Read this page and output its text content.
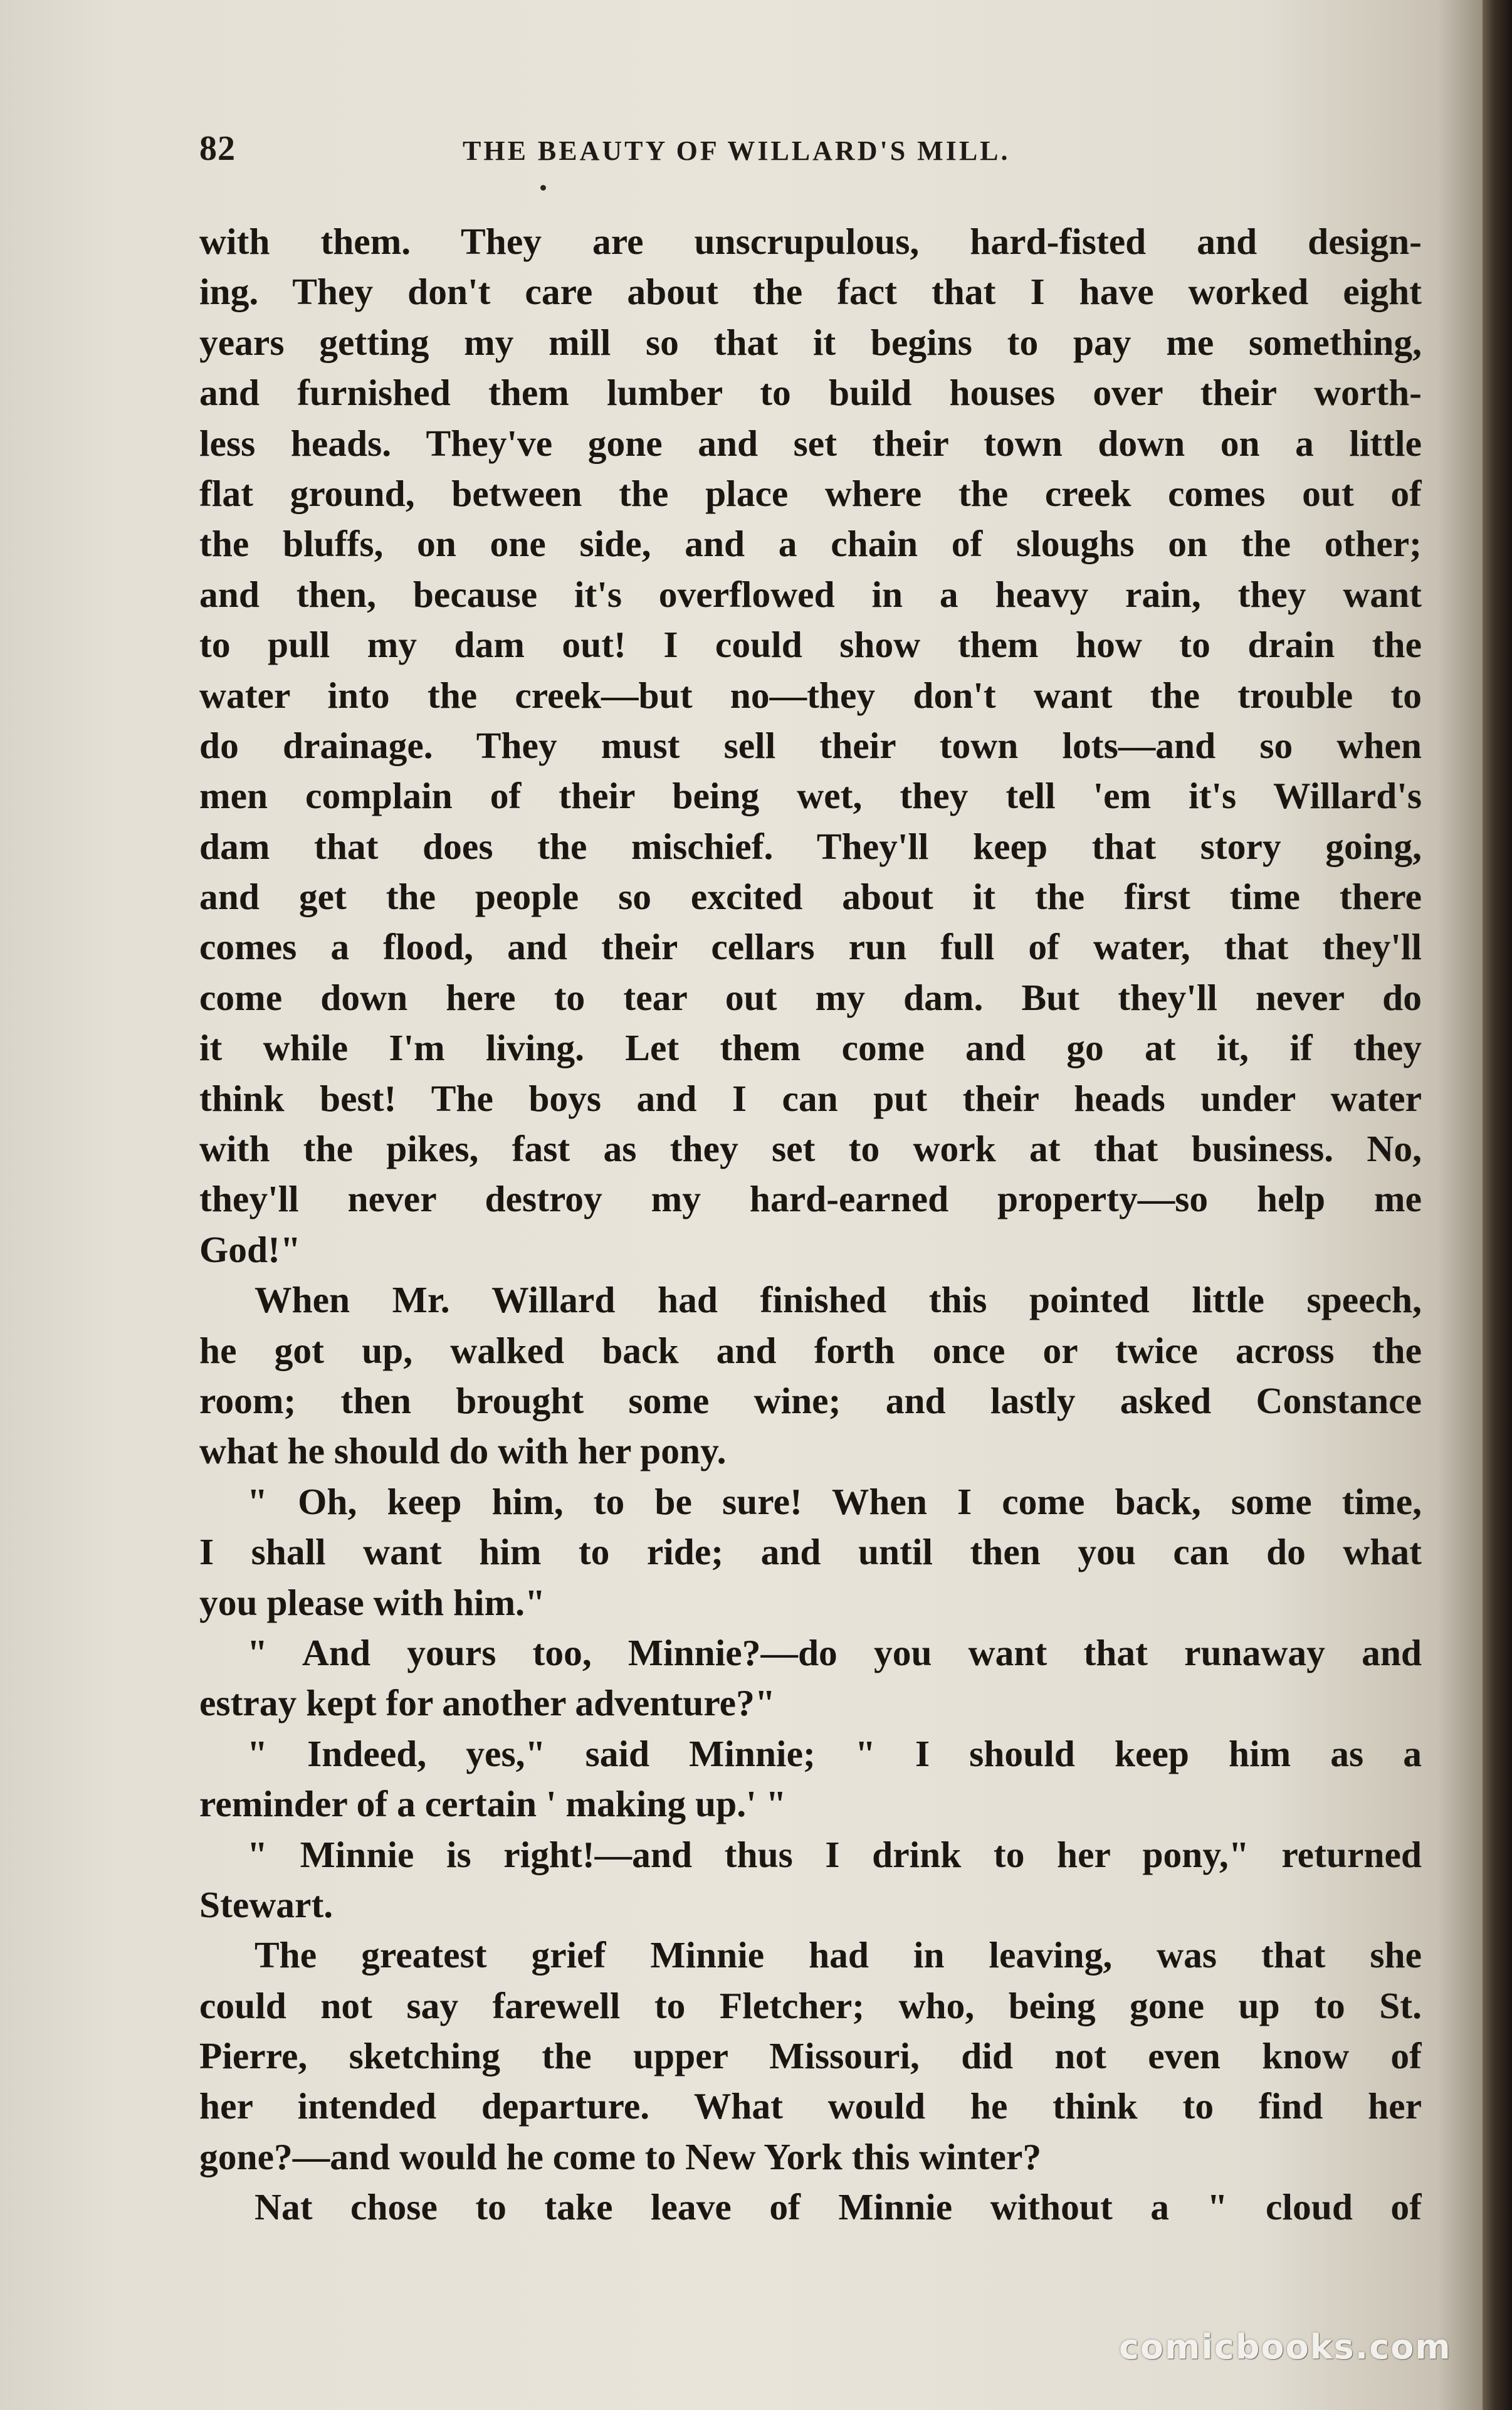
82	THE BEAUTY OF WILLARD'S MILL.
with them. They are unscrupulous, hard-fisted and design-
ing. They don't care about the fact that I have worked eight
years getting my mill so that it begins to pay me something,
and furnished them lumber to build houses over their worth-
less heads. They've gone and set their town down on a little
flat ground, between the place where the creek comes out of
the bluffs, on one side, and a chain of sloughs on the other;
and then, because it's overflowed in a heavy rain, they want
to pull my dam out! I could show them how to drain the
water into the creek—but no—they don't want the trouble to
do drainage. They must sell their town lots—and so when
men complain of their being wet, they tell 'em it's Willard's
dam that does the mischief. They'll keep that story going,
and get the people so excited about it the first time there
comes a flood, and their cellars run full of water, that they'll
come down here to tear out my dam. But they'll never do
it while I'm living. Let them come and go at it, if they
think best! The boys and I can put their heads under water
with the pikes, fast as they set to work at that business. No,
they'll never destroy my hard-earned property—so help me
God!"
When Mr. Willard had finished this pointed little speech,
he got up, walked back and forth once or twice across the
room; then brought some wine; and lastly asked Constance
what he should do with her pony.
" Oh, keep him, to be sure! When I come back, some time,
I shall want him to ride; and until then you can do what
you please with him."
" And yours too, Minnie?—do you want that runaway and
estray kept for another adventure?"
" Indeed, yes," said Minnie; " I should keep him as a
reminder of a certain ' making up.' "
" Minnie is right!—and thus I drink to her pony," returned
Stewart.
The greatest grief Minnie had in leaving, was that she
could not say farewell to Fletcher; who, being gone up to St.
Pierre, sketching the upper Missouri, did not even know of
her intended departure. What would he think to find her
gone?—and would he come to New York this winter?
Nat chose to take leave of Minnie without a " cloud of
comicbooks.com
